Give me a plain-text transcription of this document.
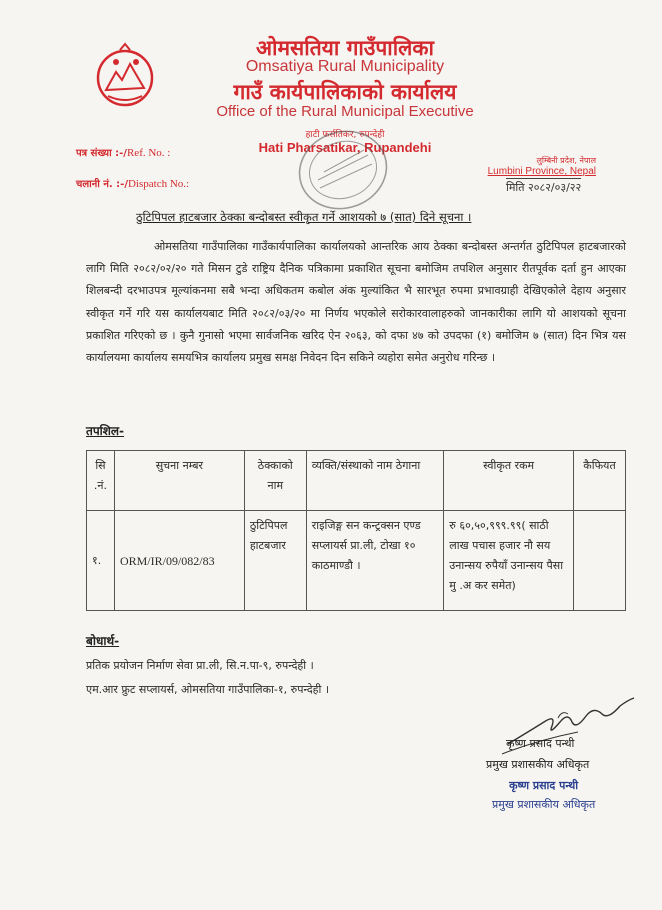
ओमसतिया गाउँपालिका
Omsatiya Rural Municipality
गाउँ कार्यपालिकाको कार्यालय
Office of the Rural Municipal Executive
हाटी फर्सतिकर, रुपन्देही
Hati Pharsatikar, Rupandehi
पत्र संख्या :-/Ref. No. :
चलानी नं. :-/Dispatch No.:
लुम्बिनी प्रदेश, नेपाल
Lumbini Province, Nepal
मिति २०८२/०३/२२
ठुटिपिपल हाटबजार ठेक्का बन्दोबस्त स्वीकृत गर्ने आशयको ७ (सात) दिने सूचना ।
ओमसतिया गाउँपालिका गाउँकार्यपालिका कार्यालयको आन्तरिक आय ठेक्का बन्दोबस्त अन्तर्गत ठुटिपिपल हाटबजारको लागि मिति २०८२/०२/२० गते मिसन टुडे राष्ट्रिय दैनिक पत्रिकामा प्रकाशित सूचना बमोजिम तपशिल अनुसार रीतपूर्वक दर्ता हुन आएका शिलबन्दी दरभाउपत्र मूल्यांकनमा सबै भन्दा अधिकतम कबोल अंक मुल्यांकित भै सारभूत रुपमा प्रभावग्राही देखिएकोले देहाय अनुसार स्वीकृत गर्ने गरि यस कार्यालयबाट मिति २०८२/०३/२० मा निर्णय भएकोले सरोकारवालाहरुको जानकारीका लागि यो आशयको सूचना प्रकाशित गरिएको छ । कुनै गुनासो भएमा सार्वजनिक खरिद ऐन २०६३, को दफा ४७ को उपदफा (१) बमोजिम ७ (सात) दिन भित्र यस कार्यालयमा कार्यालय समयभित्र कार्यालय प्रमुख समक्ष निवेदन दिन सकिने व्यहोरा समेत अनुरोध गरिन्छ ।
तपशिल-
सि .नं.	सुचना नम्बर	ठेक्काको नाम	व्यक्ति/संस्थाको नाम ठेगाना	स्वीकृत रकम	कैफियत
१.	ORM/IR/09/082/83	ठुटिपिपल हाटबजार	राइजिङ्ग सन कन्ट्रक्सन एण्ड सप्लायर्स प्रा.ली, टोखा १० काठमाण्डौ ।	रु ६०,५०,९९९.९९( साठी लाख पचास हजार नौ सय उनान्सय रुपैयाँ उनान्सय पैसा मु .अ कर समेत)	
बोधार्थ-
प्रतिक प्रयोजन निर्माण सेवा प्रा.ली, सि.न.पा-९, रुपन्देही ।
एम.आर फ्रुट सप्लायर्स, ओमसतिया गाउँपालिका-१, रुपन्देही ।
कृष्ण प्रसाद पन्थी
प्रमुख प्रशासकीय अधिकृत
कृष्ण प्रसाद पन्थी
प्रमुख प्रशासकीय अधिकृत
